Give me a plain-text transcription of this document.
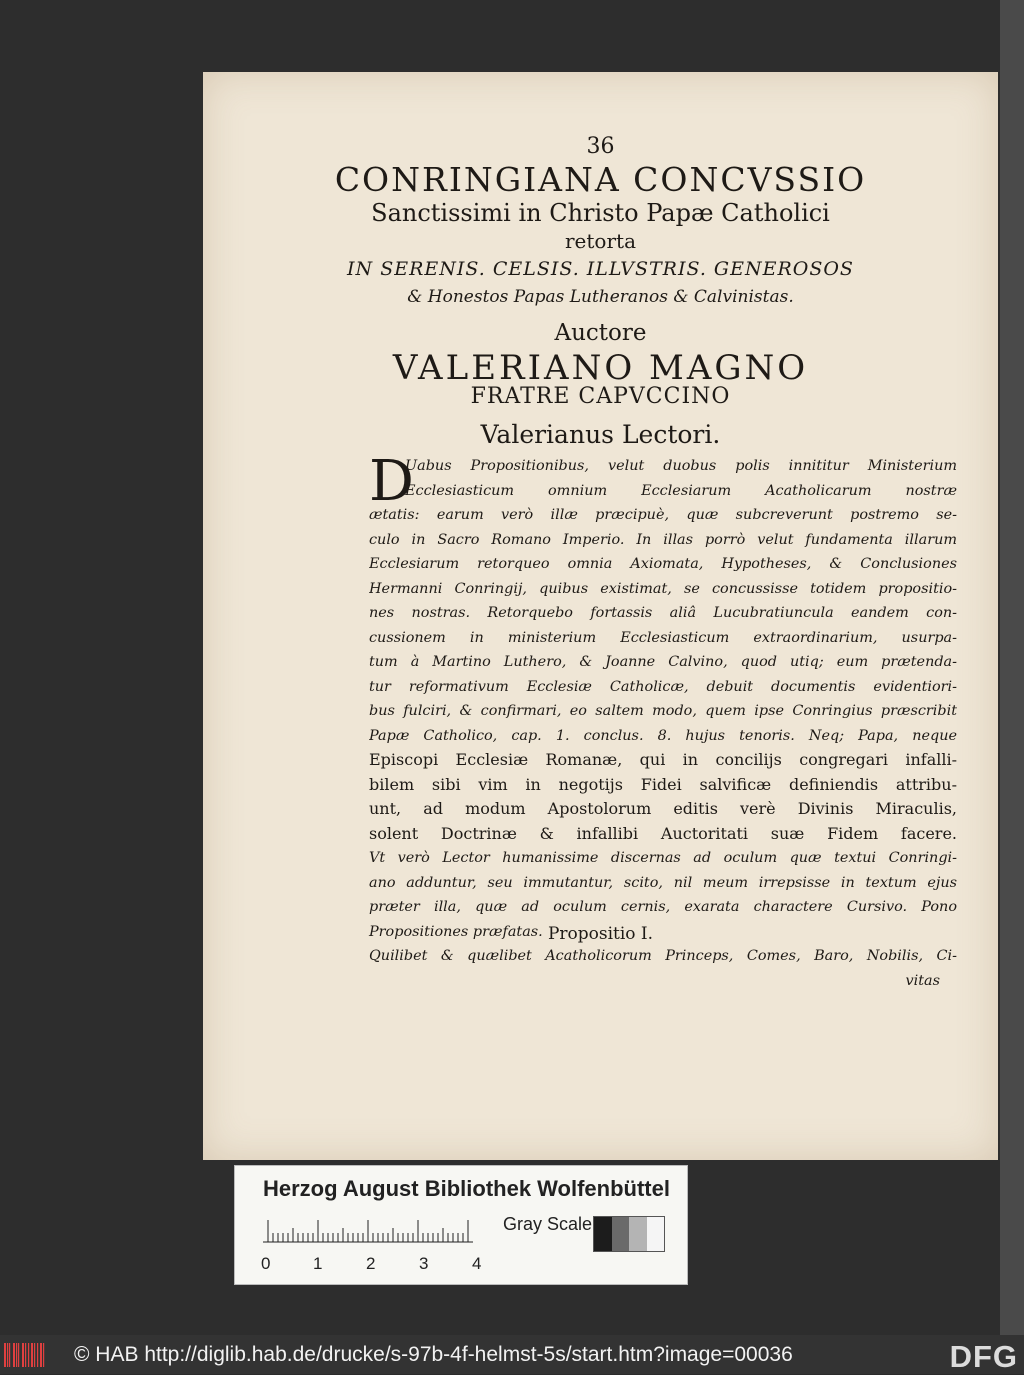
36
CONRINGIANA CONCVSSIO
Sanctissimi in Christo Papæ Catholici
retorta
IN SERENIS. CELSIS. ILLVSTRIS. GENEROSOS
& Honestos Papas Lutheranos & Calvinistas.
Auctore
VALERIANO MAGNO
FRATRE CAPVCCINO
Valerianus Lectori.
D
Uabus Propositionibus, velut duobus polis innititur Ministerium
Ecclesiasticum omnium Ecclesiarum Acatholicarum nostræ
ætatis: earum verò illæ præcipuè, quæ subcreverunt postremo se-
culo in Sacro Romano Imperio. In illas porrò velut fundamenta illarum
Ecclesiarum retorqueo omnia Axiomata, Hypotheses, & Conclusiones
Hermanni Conringij, quibus existimat, se concussisse totidem propositio-
nes nostras. Retorquebo fortassis aliâ Lucubratiuncula eandem con-
cussionem in ministerium Ecclesiasticum extraordinarium, usurpa-
tum à Martino Luthero, & Joanne Calvino, quod utiq; eum prætenda-
tur reformativum Ecclesiæ Catholicæ, debuit documentis evidentiori-
bus fulciri, & confirmari, eo saltem modo, quem ipse Conringius præscribit
Papæ Catholico, cap. 1. conclus. 8. hujus tenoris. Neq; Papa, neque
Episcopi Ecclesiæ Romanæ, qui in concilijs congregari infalli-
bilem sibi vim in negotijs Fidei salvificæ definiendis attribu-
unt, ad modum Apostolorum editis verè Divinis Miraculis,
solent Doctrinæ & infallibi Auctoritati suæ Fidem facere.
Vt verò Lector humanissime discernas ad oculum quæ textui Conringi-
ano adduntur, seu immutantur, scito, nil meum irrepsisse in textum ejus
præter illa, quæ ad oculum cernis, exarata charactere Cursivo. Pono
Propositiones præfatas. Propositio I.
Quilibet & quælibet Acatholicorum Princeps, Comes, Baro, Nobilis, Ci-
vitas
Herzog August Bibliothek Wolfenbüttel
0	1	2	3	4
Gray Scale
© HAB http://diglib.hab.de/drucke/s-97b-4f-helmst-5s/start.htm?image=00036	DFG
